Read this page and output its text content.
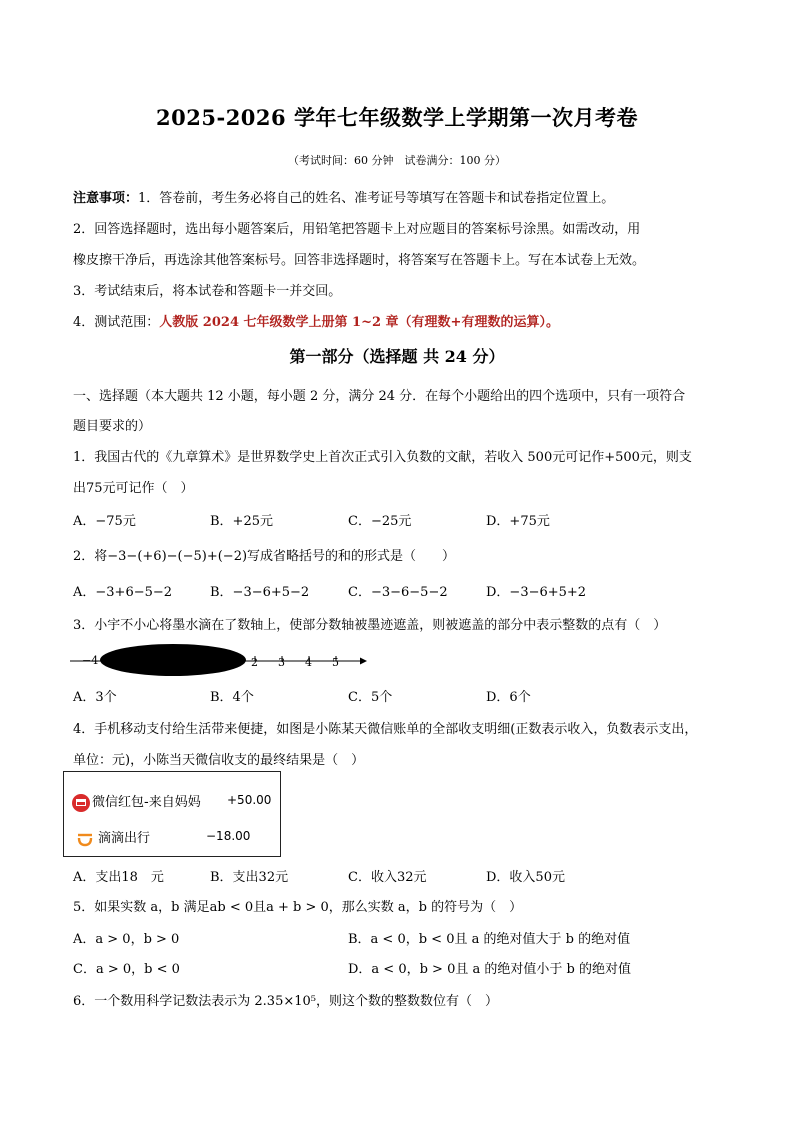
2025-2026 学年七年级数学上学期第一次月考卷
（考试时间：60 分钟　试卷满分：100 分）
注意事项：1．答卷前，考生务必将自己的姓名、准考证号等填写在答题卡和试卷指定位置上。
2．回答选择题时，选出每小题答案后，用铅笔把答题卡上对应题目的答案标号涂黑。如需改动，用
橡皮擦干净后，再选涂其他答案标号。回答非选择题时，将答案写在答题卡上。写在本试卷上无效。
3．考试结束后，将本试卷和答题卡一并交回。
4．测试范围：人教版 2024 七年级数学上册第 1~2 章（有理数+有理数的运算）。
第一部分（选择题 共 24 分）
一、选择题（本大题共 12 小题，每小题 2 分，满分 24 分．在每个小题给出的四个选项中，只有一项符合
题目要求的）
1．我国古代的《九章算术》是世界数学史上首次正式引入负数的文献，若收入 500元可记作+500元，则支
出75元可记作（　）
A．−75元	B．+25元	C．−25元	D．+75元
2．将−3−(+6)−(−5)+(−2)写成省略括号的和的形式是（　　）
A．−3+6−5−2	B．−3−6+5−2	C．−3−6−5−2	D．−3−6+5+2
3．小宇不小心将墨水滴在了数轴上，使部分数轴被墨迹遮盖，则被遮盖的部分中表示整数的点有（　）
−4	2 3 4 5
A．3个	B．4个	C．5个	D．6个
4．手机移动支付给生活带来便捷，如图是小陈某天微信账单的全部收支明细(正数表示收入，负数表示支出，
单位：元)，小陈当天微信收支的最终结果是（　）
微信红包-来自妈妈 +50.00
滴滴出行	−18.00
A．支出18　元	B．支出32元	C．收入32元	D．收入50元
5．如果实数 a，b 满足ab < 0且a + b > 0，那么实数 a，b 的符号为（　）
A．a > 0，b > 0	B．a < 0，b < 0且 a 的绝对值大于 b 的绝对值
C．a > 0，b < 0	D．a < 0，b > 0且 a 的绝对值小于 b 的绝对值
6．一个数用科学记数法表示为 2.35×10⁵，则这个数的整数数位有（　）
